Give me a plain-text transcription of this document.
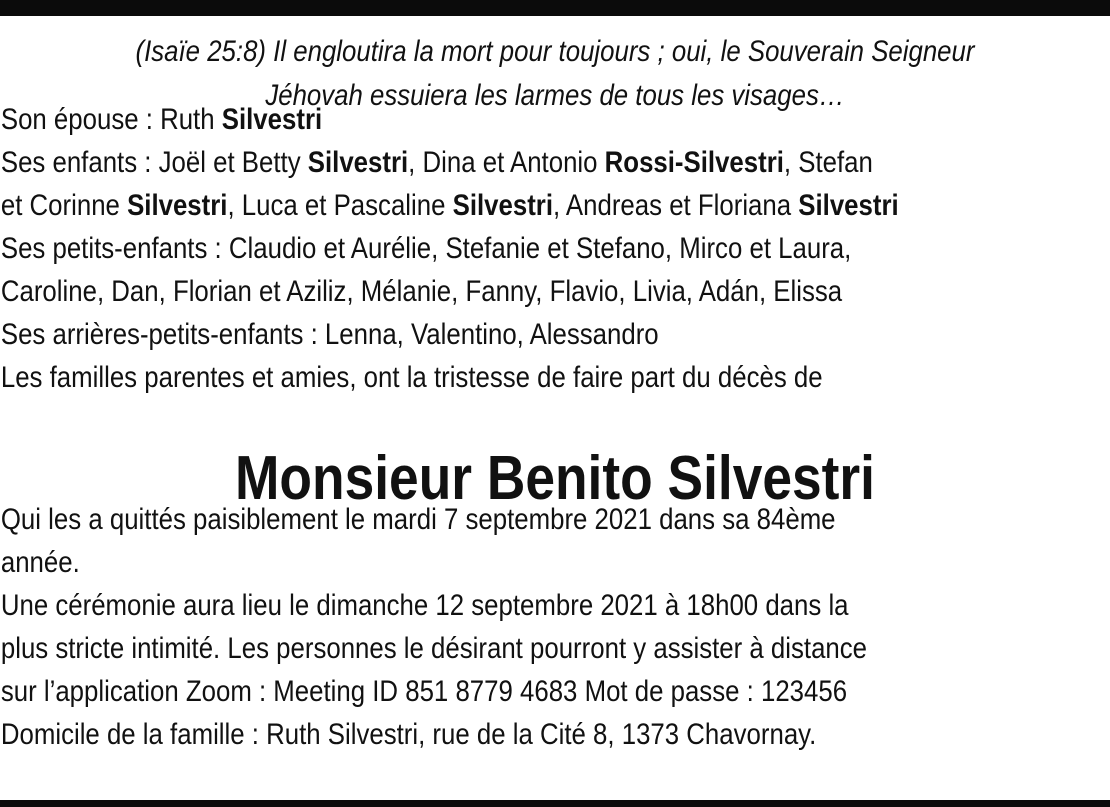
(Isaïe 25:8) Il engloutira la mort pour toujours ; oui, le Souverain Seigneur
Jéhovah essuiera les larmes de tous les visages…

Son épouse : Ruth Silvestri

Ses enfants : Joël et Betty Silvestri, Dina et Antonio Rossi-Silvestri, Stefan

et Corinne Silvestri, Luca et Pascaline Silvestri, Andreas et Floriana Silvestri

Ses petits-enfants : Claudio et Aurélie, Stefanie et Stefano, Mirco et Laura,

Caroline, Dan, Florian et Aziliz, Mélanie, Fanny, Flavio, Livia, Adán, Elissa

Ses arrières-petits-enfants : Lenna, Valentino, Alessandro

Les familles parentes et amies, ont la tristesse de faire part du décès de

Monsieur Benito Silvestri

Qui les a quittés paisiblement le mardi 7 septembre 2021 dans sa 84ème

année.

Une cérémonie aura lieu le dimanche 12 septembre 2021 à 18h00 dans la

plus stricte intimité. Les personnes le désirant pourront y assister à distance

sur l’application Zoom : Meeting ID 851 8779 4683 Mot de passe : 123456

Domicile de la famille : Ruth Silvestri, rue de la Cité 8, 1373 Chavornay.
